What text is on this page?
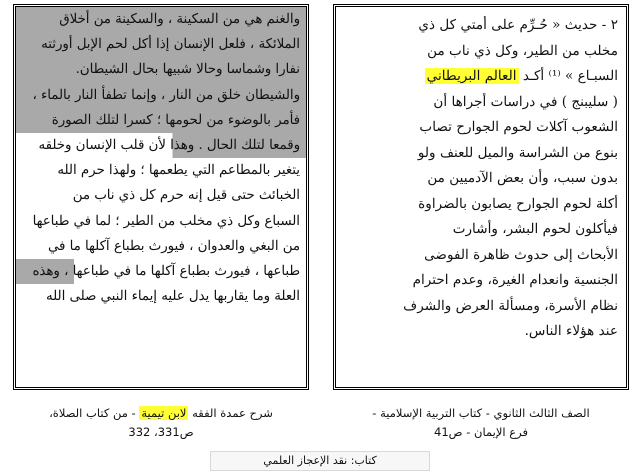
والغنم هي من السكينة ، والسكينة من أخلاق
الملائكة ، فلعل الإنسان إذا أكل لحم الإبل أورثته
نفارا وشماسا وحالا شبيها بحال الشيطان.
والشيطان خلق من النار ، وإنما تطفأ النار بالماء ،
فأمر بالوضوء من لحومها ؛ كسرا لتلك الصورة
وقمعا لتلك الحال . وهذا لأن قلب الإنسان وخلقه
يتغير بالمطاعم التي يطعمها ؛ ولهذا حرم الله
الخبائث حتى قيل إنه حرم كل ذي ناب من
السباع وكل ذي مخلب من الطير ؛ لما في طباعها
من البغي والعدوان ، فيورث بطباع آكلها ما في
طباعها ، فيورث بطباع آكلها ما في طباعها ، وهذه
العلة وما يقاربها يدل عليه إيماء النبي صلى الله
٢ - حديث « حُـرِّم على أمتي كل ذي
مخلب من الطير، وكل ذي ناب من
السبـاع » ⁽¹⁾ أكـد العالم البريطاني
( سليبنج ) في دراسات أجراها أن
الشعوب آكلات لحوم الجوارح تصاب
بنوع من الشراسة والميل للعنف ولو
بدون سبب، وأن بعض الآدميين من
أكلة لحوم الجوارح يصابون بالضراوة
فيأكلون لحوم البشر، وأشارت
الأبحاث إلى حدوث ظاهرة الفوضى
الجنسية وانعدام الغيرة، وعدم احترام
نظام الأسرة، ومسألة العرض والشرف
عند هؤلاء الناس.
شرح عمدة الفقه لابن تيمية - من كتاب الصلاة،
ص331، 332
الصف الثالث الثانوي - كتاب التربية الإسلامية -
فرع الإيمان - ص41
كتاب: نقد الإعجاز العلمي
